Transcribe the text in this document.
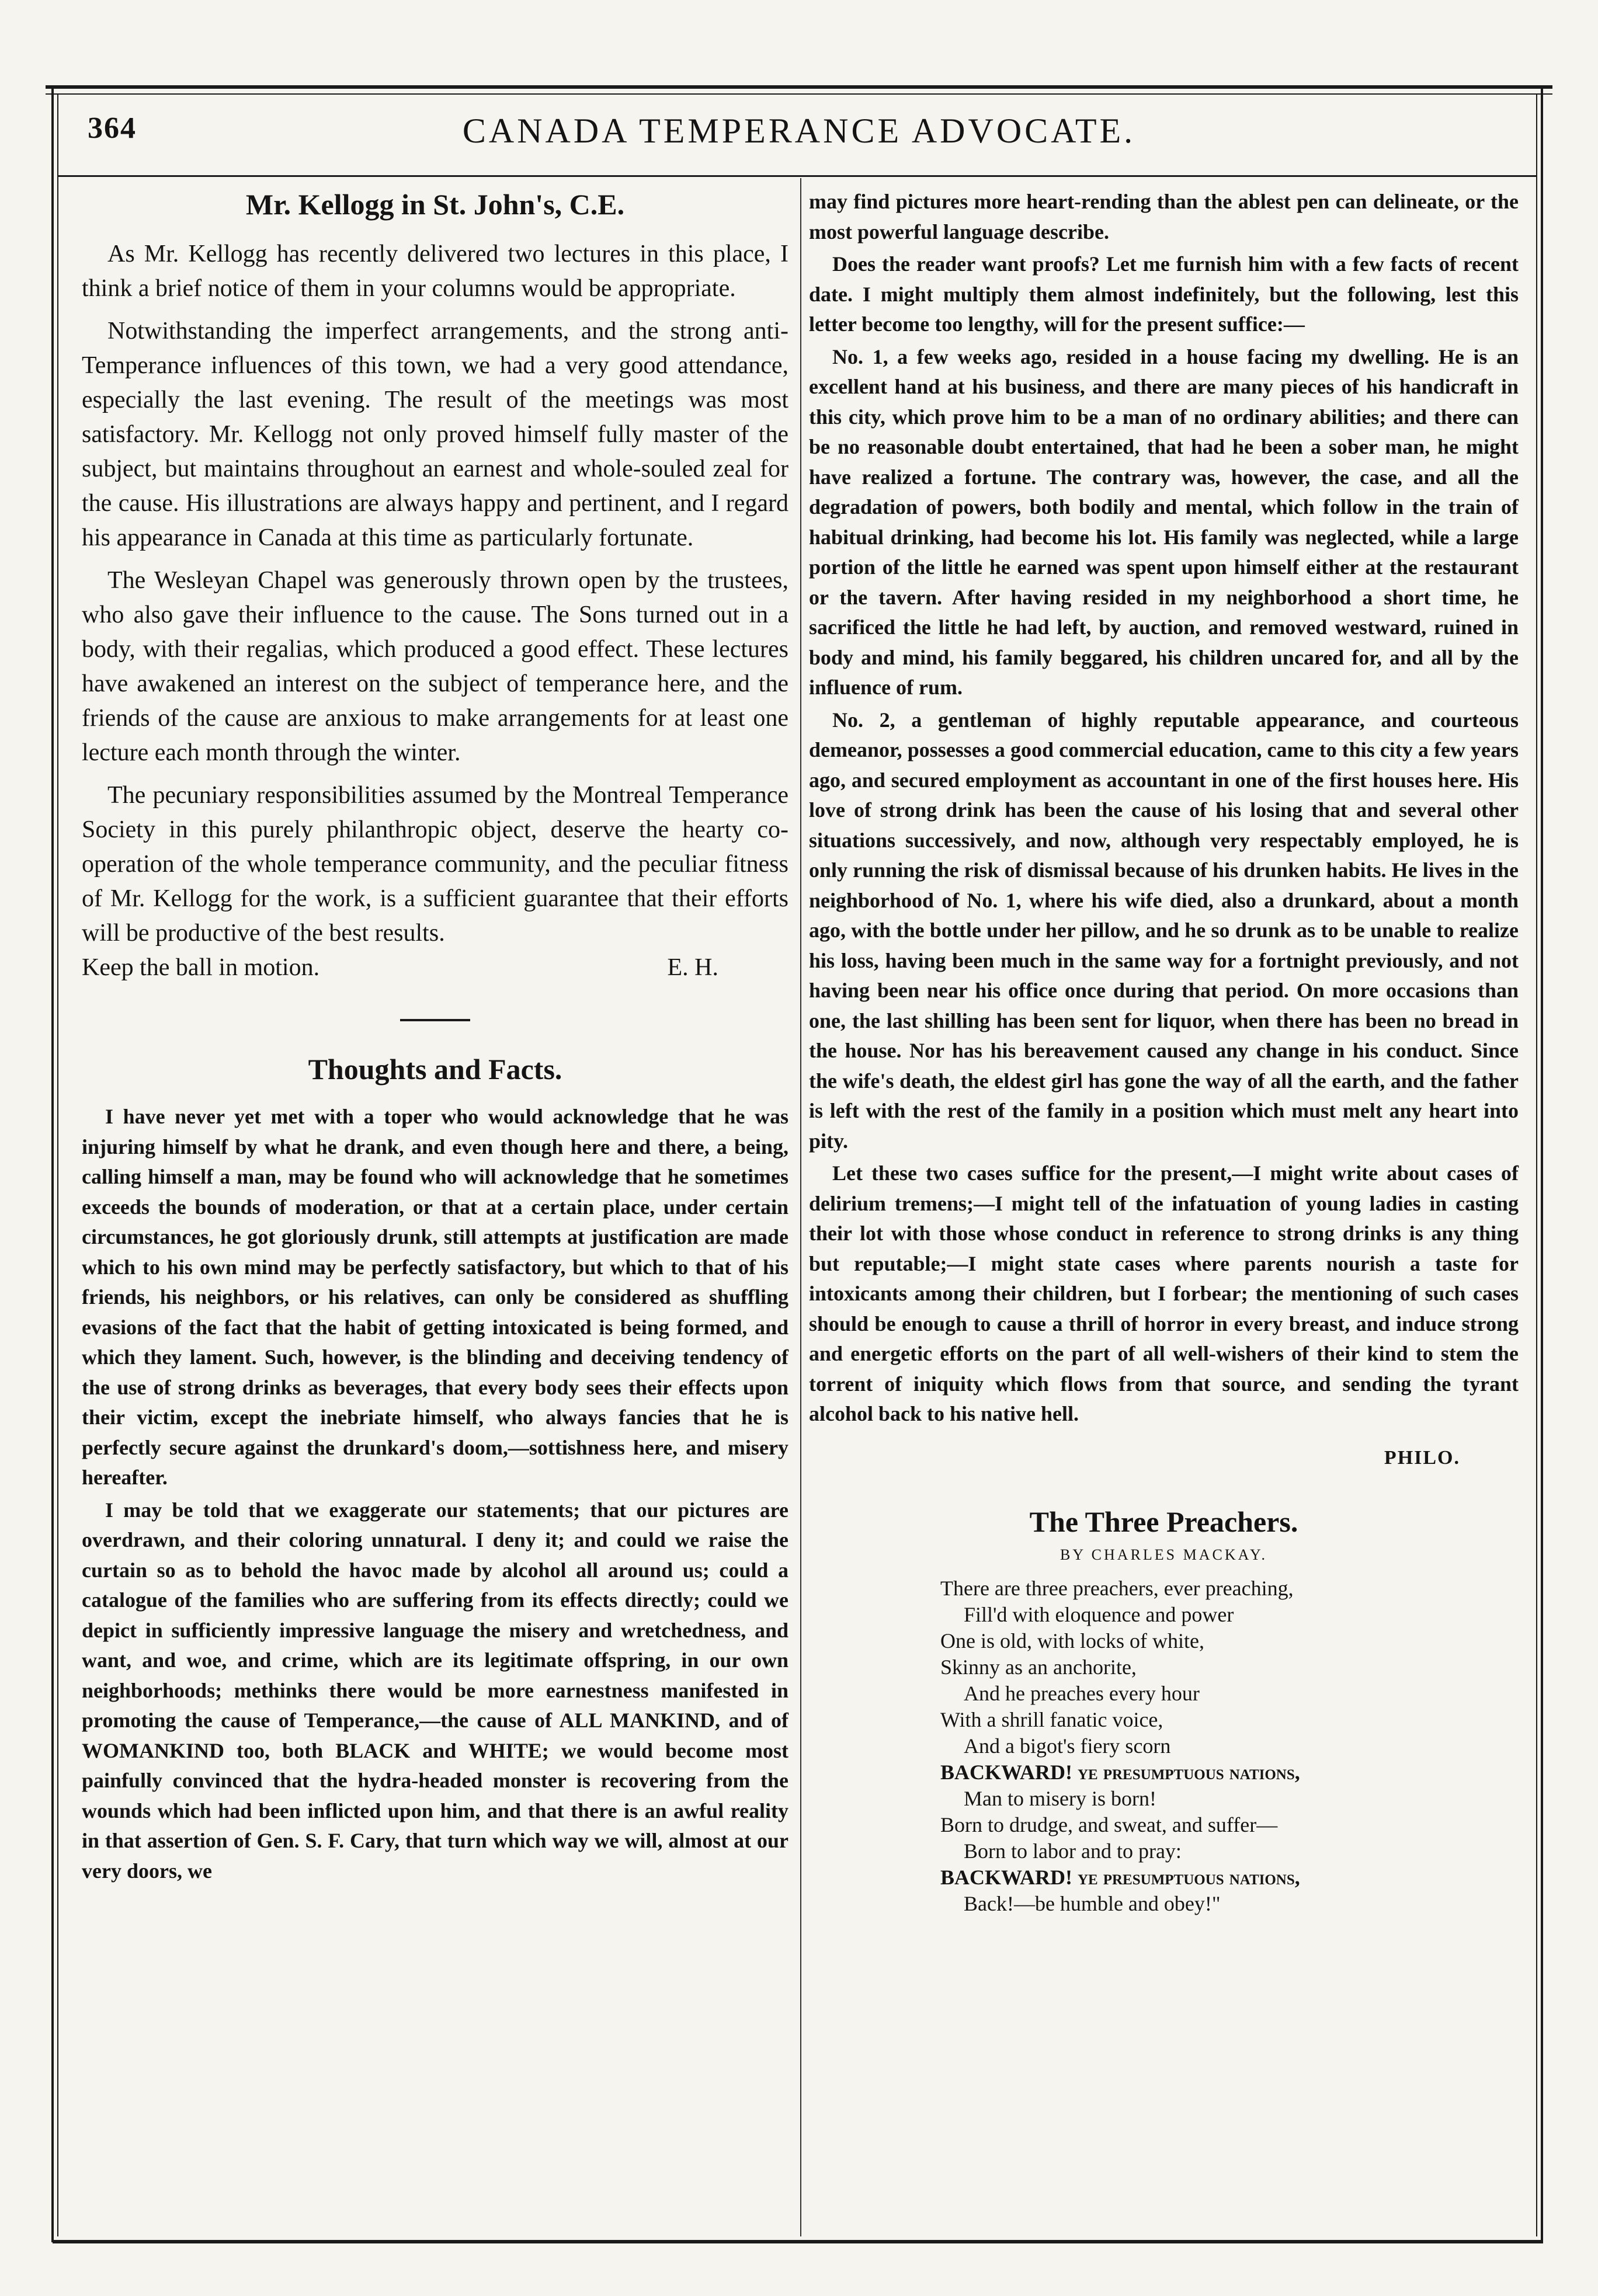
364	CANADA TEMPERANCE ADVOCATE.
Mr. Kellogg in St. John's, C.E.

As Mr. Kellogg has recently delivered two lectures in this place, I think a brief notice of them in your columns would be appropriate.

Notwithstanding the imperfect arrangements, and the strong anti-Temperance influences of this town, we had a very good attendance, especially the last evening. The result of the meetings was most satisfactory. Mr. Kellogg not only proved himself fully master of the subject, but maintains throughout an earnest and whole-souled zeal for the cause. His illustrations are always happy and pertinent, and I regard his appearance in Canada at this time as particularly fortunate.

The Wesleyan Chapel was generously thrown open by the trustees, who also gave their influence to the cause. The Sons turned out in a body, with their regalias, which produced a good effect. These lectures have awakened an interest on the subject of temperance here, and the friends of the cause are anxious to make arrangements for at least one lecture each month through the winter.

The pecuniary responsibilities assumed by the Montreal Temperance Society in this purely philanthropic object, deserve the hearty co-operation of the whole temperance community, and the peculiar fitness of Mr. Kellogg for the work, is a sufficient guarantee that their efforts will be productive of the best results.

Keep the ball in motion.	E. H.

Thoughts and Facts.

I have never yet met with a toper who would acknowledge that he was injuring himself by what he drank, and even though here and there, a being, calling himself a man, may be found who will acknowledge that he sometimes exceeds the bounds of moderation, or that at a certain place, under certain circumstances, he got gloriously drunk, still attempts at justification are made which to his own mind may be perfectly satisfactory, but which to that of his friends, his neighbors, or his relatives, can only be considered as shuffling evasions of the fact that the habit of getting intoxicated is being formed, and which they lament. Such, however, is the blinding and deceiving tendency of the use of strong drinks as beverages, that every body sees their effects upon their victim, except the inebriate himself, who always fancies that he is perfectly secure against the drunkard's doom,—sottishness here, and misery hereafter.

I may be told that we exaggerate our statements; that our pictures are overdrawn, and their coloring unnatural. I deny it; and could we raise the curtain so as to behold the havoc made by alcohol all around us; could a catalogue of the families who are suffering from its effects directly; could we depict in sufficiently impressive language the misery and wretchedness, and want, and woe, and crime, which are its legitimate offspring, in our own neighborhoods; methinks there would be more earnestness manifested in promoting the cause of Temperance,—the cause of ALL MANKIND, and of WOMANKIND too, both BLACK and WHITE; we would become most painfully convinced that the hydra-headed monster is recovering from the wounds which had been inflicted upon him, and that there is an awful reality in that assertion of Gen. S. F. Cary, that turn which way we will, almost at our very doors, we

may find pictures more heart-rending than the ablest pen can delineate, or the most powerful language describe.

Does the reader want proofs? Let me furnish him with a few facts of recent date. I might multiply them almost indefinitely, but the following, lest this letter become too lengthy, will for the present suffice:—

No. 1, a few weeks ago, resided in a house facing my dwelling. He is an excellent hand at his business, and there are many pieces of his handicraft in this city, which prove him to be a man of no ordinary abilities; and there can be no reasonable doubt entertained, that had he been a sober man, he might have realized a fortune. The contrary was, however, the case, and all the degradation of powers, both bodily and mental, which follow in the train of habitual drinking, had become his lot. His family was neglected, while a large portion of the little he earned was spent upon himself either at the restaurant or the tavern. After having resided in my neighborhood a short time, he sacrificed the little he had left, by auction, and removed westward, ruined in body and mind, his family beggared, his children uncared for, and all by the influence of rum.

No. 2, a gentleman of highly reputable appearance, and courteous demeanor, possesses a good commercial education, came to this city a few years ago, and secured employment as accountant in one of the first houses here. His love of strong drink has been the cause of his losing that and several other situations successively, and now, although very respectably employed, he is only running the risk of dismissal because of his drunken habits. He lives in the neighborhood of No. 1, where his wife died, also a drunkard, about a month ago, with the bottle under her pillow, and he so drunk as to be unable to realize his loss, having been much in the same way for a fortnight previously, and not having been near his office once during that period. On more occasions than one, the last shilling has been sent for liquor, when there has been no bread in the house. Nor has his bereavement caused any change in his conduct. Since the wife's death, the eldest girl has gone the way of all the earth, and the father is left with the rest of the family in a position which must melt any heart into pity.

Let these two cases suffice for the present,—I might write about cases of delirium tremens;—I might tell of the infatuation of young ladies in casting their lot with those whose conduct in reference to strong drinks is any thing but reputable;—I might state cases where parents nourish a taste for intoxicants among their children, but I forbear; the mentioning of such cases should be enough to cause a thrill of horror in every breast, and induce strong and energetic efforts on the part of all well-wishers of their kind to stem the torrent of iniquity which flows from that source, and sending the tyrant alcohol back to his native hell.

PHILO.
The Three Preachers.
BY CHARLES MACKAY.
There are three preachers, ever preaching,
Fill'd with eloquence and power
One is old, with locks of white,
Skinny as an anchorite,
And he preaches every hour
With a shrill fanatic voice,
And a bigot's fiery scorn
BACKWARD! ye presumptuous nations,
Man to misery is born!
Born to drudge, and sweat, and suffer—
Born to labor and to pray:
BACKWARD! ye presumptuous nations,
Back!—be humble and obey!"
